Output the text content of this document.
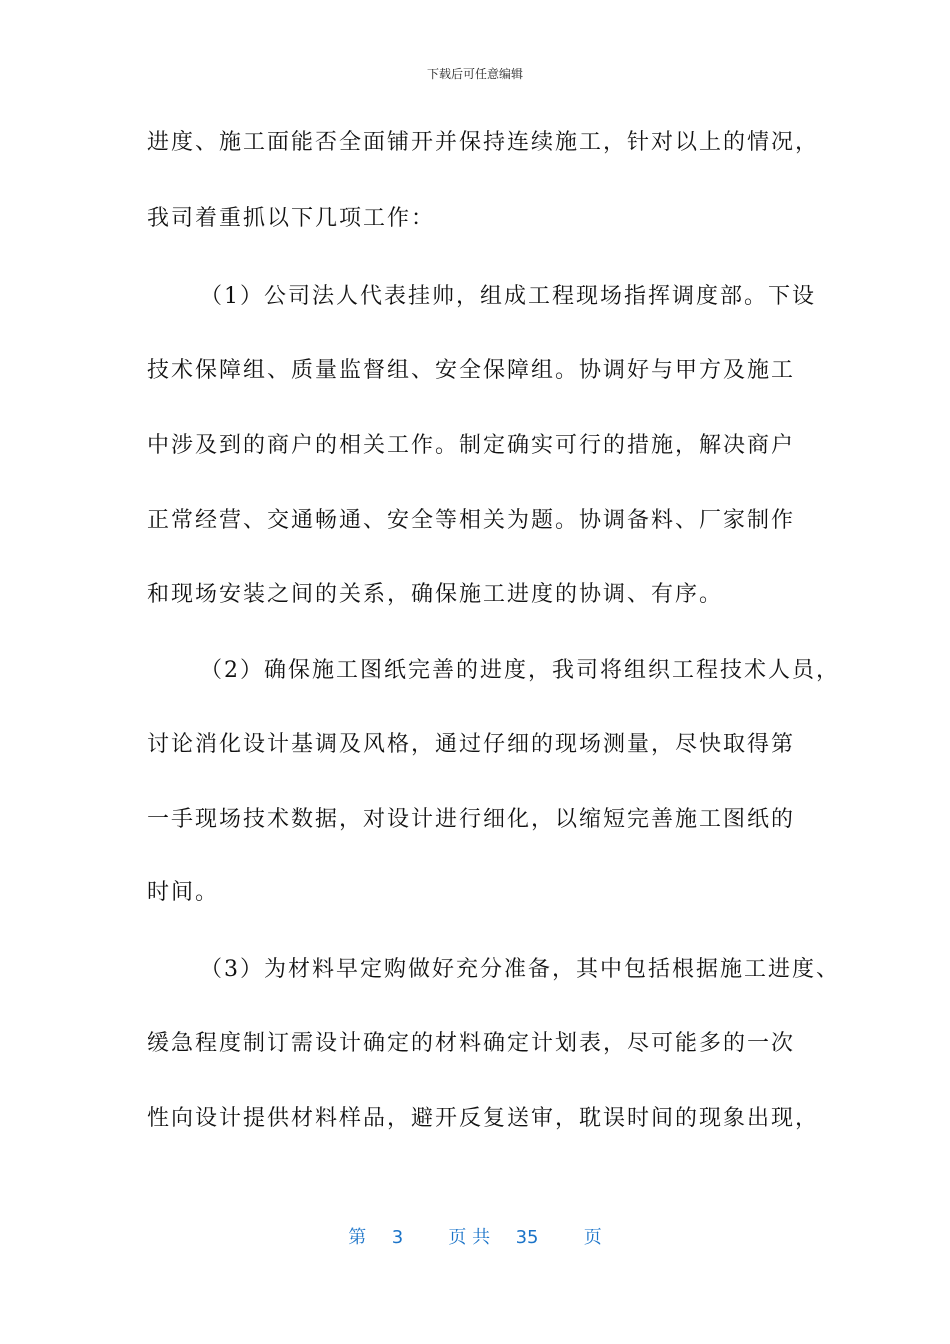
下载后可任意编辑
进度、施工面能否全面铺开并保持连续施工，针对以上的情况，
我司着重抓以下几项工作：
（1）公司法人代表挂帅，组成工程现场指挥调度部。下设
技术保障组、质量监督组、安全保障组。协调好与甲方及施工
中涉及到的商户的相关工作。制定确实可行的措施，解决商户
正常经营、交通畅通、安全等相关为题。协调备料、厂家制作
和现场安装之间的关系，确保施工进度的协调、有序。
（2）确保施工图纸完善的进度，我司将组织工程技术人员，
讨论消化设计基调及风格，通过仔细的现场测量，尽快取得第
一手现场技术数据，对设计进行细化，以缩短完善施工图纸的
时间。
（3）为材料早定购做好充分准备，其中包括根据施工进度、
缓急程度制订需设计确定的材料确定计划表，尽可能多的一次
性向设计提供材料样品，避开反复送审，耽误时间的现象出现，
第 3	页 共 35	页
